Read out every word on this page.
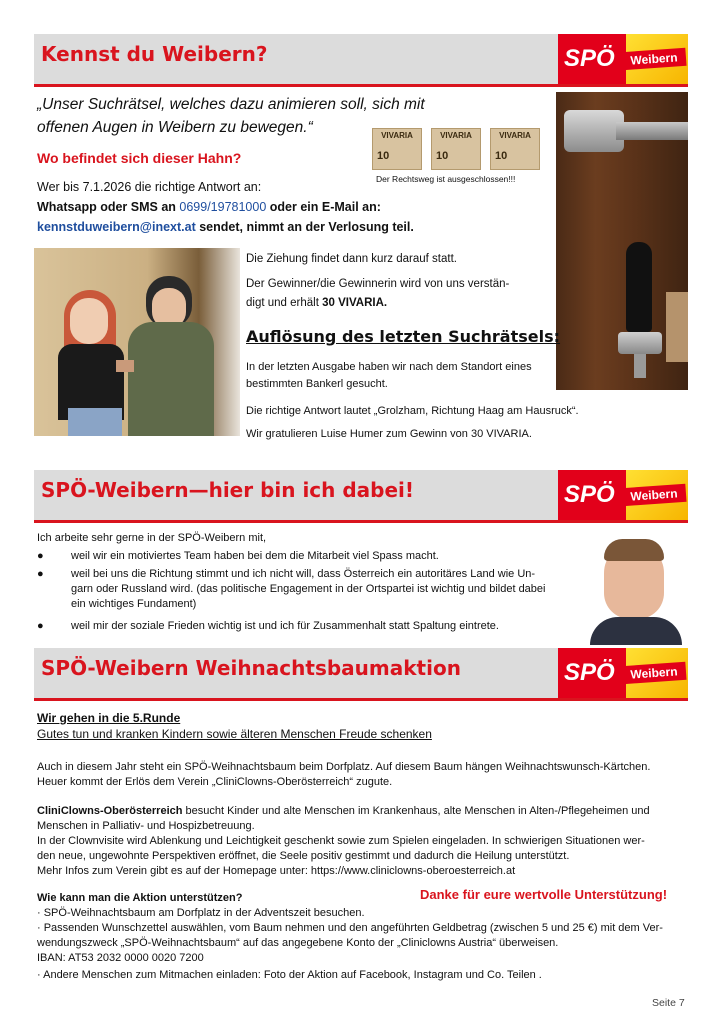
Kennst du Weibern?	SPÖ	Weibern
„Unser Suchrätsel, welches dazu animieren soll, sich mit
offenen Augen in Weibern zu bewegen.“
Wo befindet sich dieser Hahn?
Wer bis 7.1.2026 die richtige Antwort an:
Whatsapp oder SMS an 0699/19781000 oder ein E-Mail an:
kennstduweibern@inext.at sendet, nimmt an der Verlosung teil.
VIVARIA
10
VIVARIA
10
VIVARIA
10
Der Rechtsweg ist ausgeschlossen!!!
Die Ziehung findet dann kurz darauf statt.
Der Gewinner/die Gewinnerin wird von uns verstän-
digt und erhält 30 VIVARIA.
Auflösung des letzten Suchrätsels:
In der letzten Ausgabe haben wir nach dem Standort eines
bestimmten Bankerl gesucht.
Die richtige Antwort lautet „Grolzham, Richtung Haag am Hausruck“.
Wir gratulieren Luise Humer zum Gewinn von 30 VIVARIA.
SPÖ-Weibern—hier bin ich dabei!	SPÖ	Weibern
Ich arbeite sehr gerne in der SPÖ-Weibern mit,
● weil wir ein motiviertes Team haben bei dem die Mitarbeit viel Spass macht.
● weil bei uns die Richtung stimmt und ich nicht will, dass Österreich ein autoritäres Land wie Un-
garn oder Russland wird. (das politische Engagement in der Ortspartei ist wichtig und bildet dabei
ein wichtiges Fundament)
● weil mir der soziale Frieden wichtig ist und ich für Zusammenhalt statt Spaltung eintrete.
SPÖ-Weibern Weihnachtsbaumaktion	SPÖ	Weibern
Wir gehen in die 5.Runde
Gutes tun und kranken Kindern sowie älteren Menschen Freude schenken
Auch in diesem Jahr steht ein SPÖ-Weihnachtsbaum beim Dorfplatz. Auf diesem Baum hängen Weihnachtswunsch-Kärtchen.
Heuer kommt der Erlös dem Verein „CliniClowns-Oberösterreich“ zugute.
CliniClowns-Oberösterreich besucht Kinder und alte Menschen im Krankenhaus, alte Menschen in Alten-/Pflegeheimen und
Menschen in Palliativ- und Hospizbetreuung.
In der Clownvisite wird Ablenkung und Leichtigkeit geschenkt sowie zum Spielen eingeladen. In schwierigen Situationen wer-
den neue, ungewohnte Perspektiven eröffnet, die Seele positiv gestimmt und dadurch die Heilung unterstützt.
Mehr Infos zum Verein gibt es auf der Homepage unter: https://www.cliniclowns-oberoesterreich.at
Wie kann man die Aktion unterstützen?	Danke für eure wertvolle Unterstützung!
· SPÖ-Weihnachtsbaum am Dorfplatz in der Adventszeit besuchen.
· Passenden Wunschzettel auswählen, vom Baum nehmen und den angeführten Geldbetrag (zwischen 5 und 25 €) mit dem Ver-
wendungszweck „SPÖ-Weihnachtsbaum“ auf das angegebene Konto der „Cliniclowns Austria“ überweisen.
IBAN: AT53 2032 0000 0020 7200
· Andere Menschen zum Mitmachen einladen: Foto der Aktion auf Facebook, Instagram und Co. Teilen .
Seite 7
